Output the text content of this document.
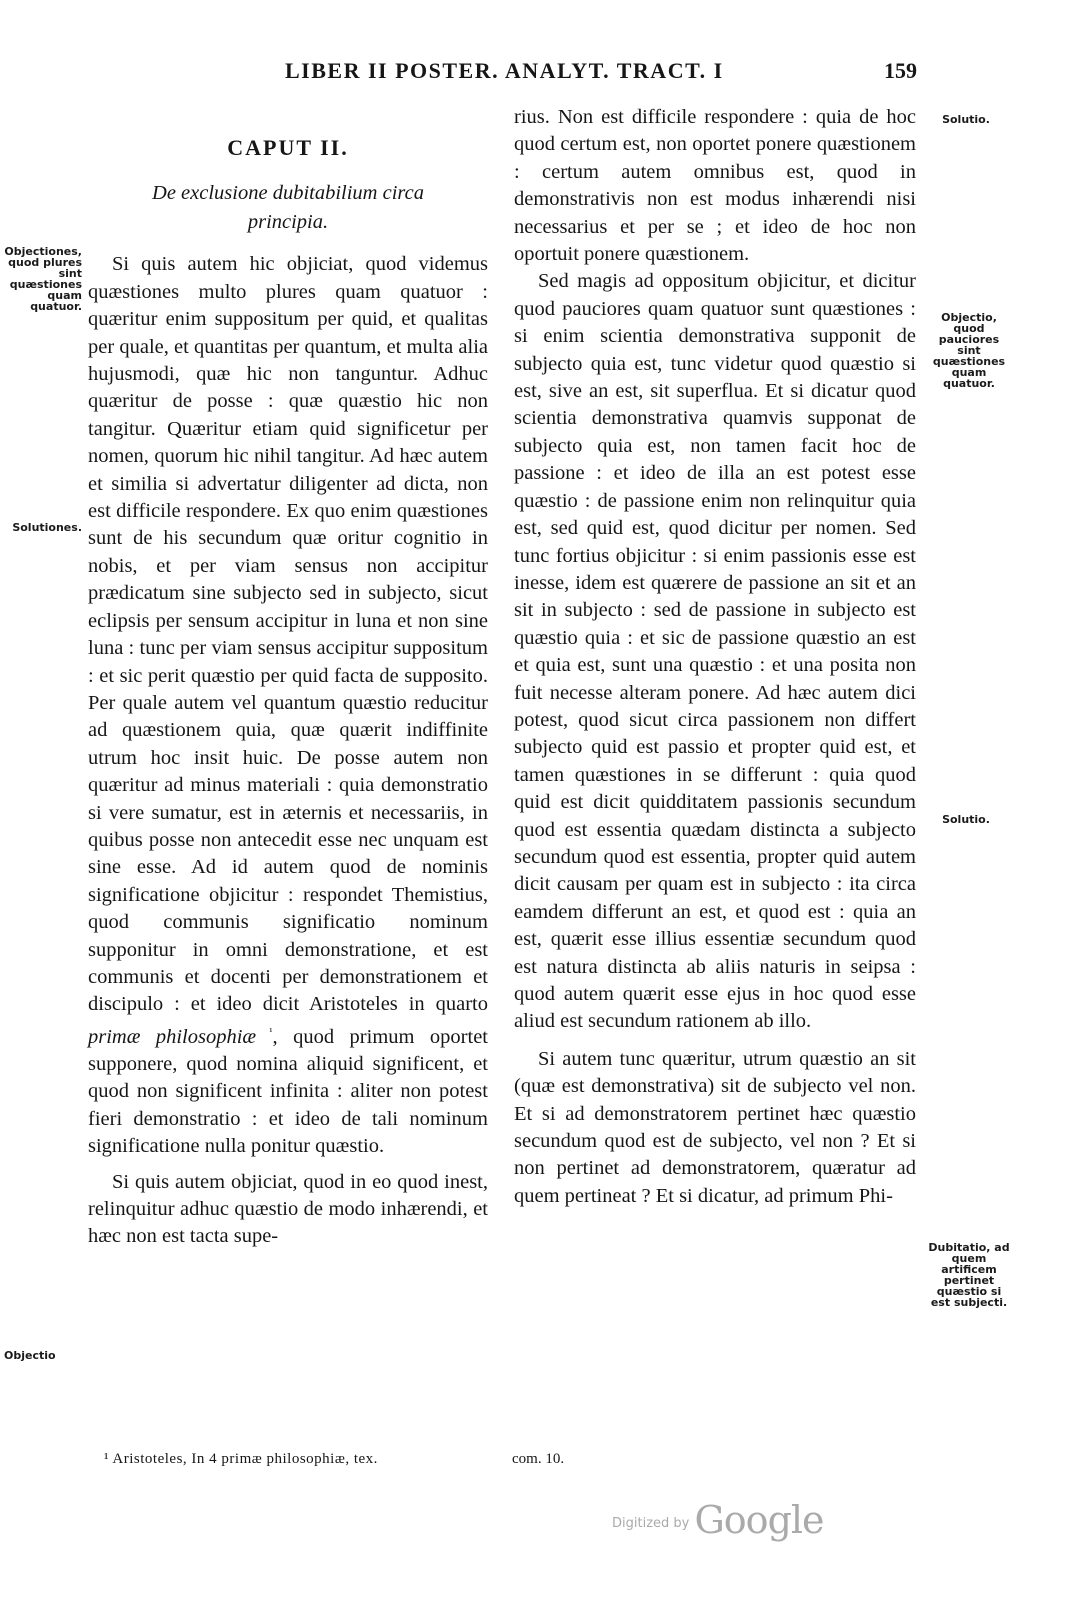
LIBER II POSTER. ANALYT. TRACT. I	159
CAPUT II.
De exclusione dubitabilium circa principia.

Si quis autem hic objiciat, quod videmus quæstiones multo plures quam quatuor : quæritur enim suppositum per quid, et qualitas per quale, et quantitas per quantum, et multa alia hujusmodi, quæ hic non tanguntur. Adhuc quæritur de posse : quæ quæstio hic non tangitur. Quæritur etiam quid significetur per nomen, quorum hic nihil tangitur. Ad hæc autem et similia si advertatur diligenter ad dicta, non est difficile respondere. Ex quo enim quæstiones sunt de his secundum quæ oritur cognitio in nobis, et per viam sensus non accipitur prædicatum sine subjecto sed in subjecto, sicut eclipsis per sensum accipitur in luna et non sine luna : tunc per viam sensus accipitur suppositum : et sic perit quæstio per quid facta de supposito. Per quale autem vel quantum quæstio reducitur ad quæstionem quia, quæ quærit indiffinite utrum hoc insit huic. De posse autem non quæritur ad minus materiali : quia demonstratio si vere sumatur, est in æternis et necessariis, in quibus posse non antecedit esse nec unquam est sine esse. Ad id autem quod de nominis significatione objicitur : respondet Themistius, quod communis significatio nominum supponitur in omni demonstratione, et est communis et docenti per demonstrationem et discipulo : et ideo dicit Aristoteles in quarto primæ philosophiæ $^{^1}$, quod primum oportet supponere, quod nomina aliquid significent, et quod non significent infinita : aliter non potest fieri demonstratio : et ideo de tali nominum significatione nulla ponitur quæstio.

Si quis autem objiciat, quod in eo quod inest, relinquitur adhuc quæstio de modo inhærendi, et hæc non est tacta supe-

rius. Non est difficile respondere : quia de hoc quod certum est, non oportet ponere quæstionem : certum autem omnibus est, quod in demonstrativis non est modus inhærendi nisi necessarius et per se ; et ideo de hoc non oportuit ponere quæstionem.

Sed magis ad oppositum objicitur, et dicitur quod pauciores quam quatuor sunt quæstiones : si enim scientia demonstrativa supponit de subjecto quia est, tunc videtur quod quæstio si est, sive an est, sit superflua. Et si dicatur quod scientia demonstrativa quamvis supponat de subjecto quia est, non tamen facit hoc de passione : et ideo de illa an est potest esse quæstio : de passione enim non relinquitur quia est, sed quid est, quod dicitur per nomen. Sed tunc fortius objicitur : si enim passionis esse est inesse, idem est quærere de passione an sit et an sit in subjecto : sed de passione in subjecto est quæstio quia : et sic de passione quæstio an est et quia est, sunt una quæstio : et una posita non fuit necesse alteram ponere. Ad hæc autem dici potest, quod sicut circa passionem non differt subjecto quid est passio et propter quid est, et tamen quæstiones in se differunt : quia quod quid est dicit quidditatem passionis secundum quod est essentia quædam distincta a subjecto secundum quod est essentia, propter quid autem dicit causam per quam est in subjecto : ita circa eamdem differunt an est, et quod est : quia an est, quærit esse illius essentiæ secundum quod est natura distincta ab aliis naturis in seipsa : quod autem quærit esse ejus in hoc quod esse aliud est secundum rationem ab illo.

Si autem tunc quæritur, utrum quæstio an sit (quæ est demonstrativa) sit de subjecto vel non. Et si ad demonstratorem pertinet hæc quæstio secundum quod est de subjecto, vel non ? Et si non pertinet ad demonstratorem, quæratur ad quem pertineat ? Et si dicatur, ad primum Phi-

Objectiones, quod plures sint quæstiones quam quatuor.
Solutiones.
Objectio
Solutio.
Objectio, quod pauciores sint quæstiones quam quatuor.
Solutio.
Dubitatio, ad quem artificem pertinet quæstio si est subjecti.
¹ Aristoteles, In 4 primæ philosophiæ, tex.	com. 10.
$^{Digitized by}$ Google
